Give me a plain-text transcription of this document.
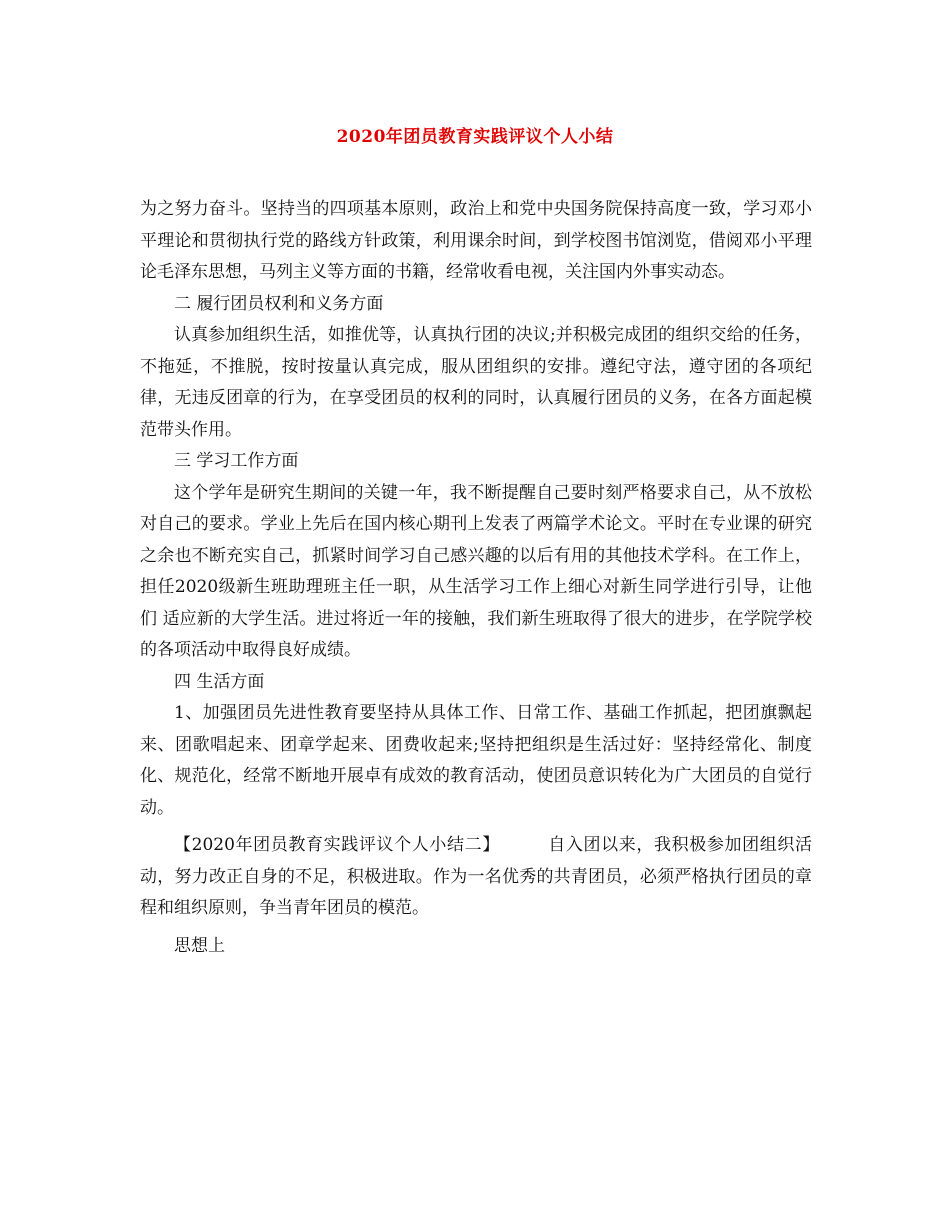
2020年团员教育实践评议个人小结

为之努力奋斗。坚持当的四项基本原则，政治上和党中央国务院保持高度一致，学习邓小平理论和贯彻执行党的路线方针政策，利用课余时间，到学校图书馆浏览，借阅邓小平理论毛泽东思想，马列主义等方面的书籍，经常收看电视，关注国内外事实动态。

二 履行团员权利和义务方面

认真参加组织生活，如推优等，认真执行团的决议;并积极完成团的组织交给的任务，不拖延，不推脱，按时按量认真完成，服从团组织的安排。遵纪守法，遵守团的各项纪律，无违反团章的行为，在享受团员的权利的同时，认真履行团员的义务，在各方面起模范带头作用。

三 学习工作方面

这个学年是研究生期间的关键一年，我不断提醒自己要时刻严格要求自己，从不放松对自己的要求。学业上先后在国内核心期刊上发表了两篇学术论文。平时在专业课的研究之余也不断充实自己，抓紧时间学习自己感兴趣的以后有用的其他技术学科。在工作上，担任2020级新生班助理班主任一职，从生活学习工作上细心对新生同学进行引导，让他们 适应新的大学生活。进过将近一年的接触，我们新生班取得了很大的进步，在学院学校的各项活动中取得良好成绩。

四 生活方面

1、加强团员先进性教育要坚持从具体工作、日常工作、基础工作抓起，把团旗飘起来、团歌唱起来、团章学起来、团费收起来;坚持把组织是生活过好：坚持经常化、制度化、规范化，经常不断地开展卓有成效的教育活动，使团员意识转化为广大团员的自觉行动。

【2020年团员教育实践评议个人小结二】        自入团以来，我积极参加团组织活动，努力改正自身的不足，积极进取。作为一名优秀的共青团员，必须严格执行团员的章程和组织原则，争当青年团员的模范。

思想上
